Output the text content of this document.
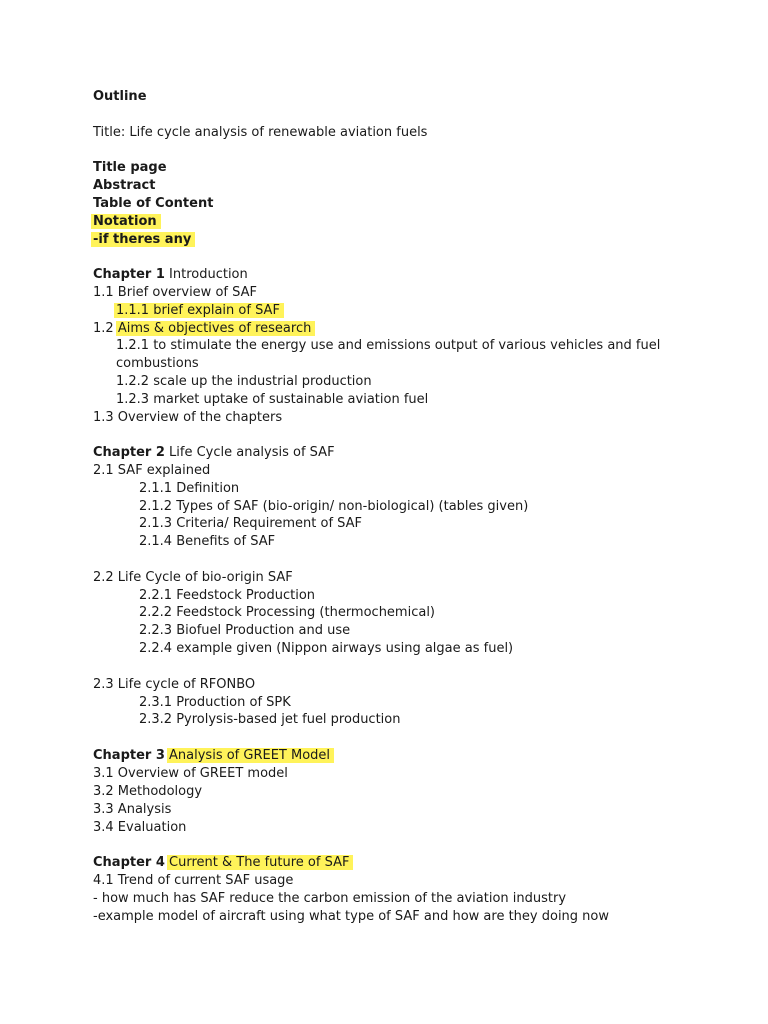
Outline
Title: Life cycle analysis of renewable aviation fuels
Title page
Abstract
Table of Content
Notation
-if theres any
Chapter 1 Introduction
1.1 Brief overview of SAF
1.1.1 brief explain of SAF
1.2 Aims & objectives of research
1.2.1 to stimulate the energy use and emissions output of various vehicles and fuel
combustions
1.2.2 scale up the industrial production
1.2.3 market uptake of sustainable aviation fuel
1.3 Overview of the chapters
Chapter 2 Life Cycle analysis of SAF
2.1 SAF explained
2.1.1 Definition
2.1.2 Types of SAF (bio-origin/ non-biological) (tables given)
2.1.3 Criteria/ Requirement of SAF
2.1.4 Benefits of SAF
2.2 Life Cycle of bio-origin SAF
2.2.1 Feedstock Production
2.2.2 Feedstock Processing (thermochemical)
2.2.3 Biofuel Production and use
2.2.4 example given (Nippon airways using algae as fuel)
2.3 Life cycle of RFONBO
2.3.1 Production of SPK
2.3.2 Pyrolysis-based jet fuel production
Chapter 3 Analysis of GREET Model
3.1 Overview of GREET model
3.2 Methodology
3.3 Analysis
3.4 Evaluation
Chapter 4 Current & The future of SAF
4.1 Trend of current SAF usage
- how much has SAF reduce the carbon emission of the aviation industry
-example model of aircraft using what type of SAF and how are they doing now
